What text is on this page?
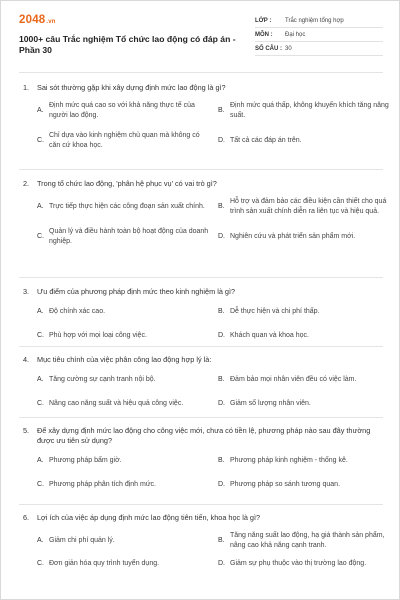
2048.vn
1000+ câu Trắc nghiệm Tổ chức lao động có đáp án - Phần 30
LỚP :	Trắc nghiệm tổng hợp
MÔN :	Đại học
SỐ CÂU : 30
1.	Sai sót thường gặp khi xây dựng định mức lao động là gì?
A.
Định mức quá cao so với khả năng thực tế của người lao động.
B.
Định mức quá thấp, không khuyến khích tăng năng suất.
C.
Chỉ dựa vào kinh nghiệm chủ quan mà không có căn cứ khoa học.
D. Tất cả các đáp án trên.
2.	Trong tổ chức lao động, 'phân hệ phục vụ' có vai trò gì?
A. Trực tiếp thực hiện các công đoạn sản xuất chính.	B.
Hỗ trợ và đảm bảo các điều kiện cần thiết cho quá trình sản xuất chính diễn ra liên tục và hiệu quả.
C.
Quản lý và điều hành toàn bộ hoạt động của doanh nghiệp.
D. Nghiên cứu và phát triển sản phẩm mới.
3.	Ưu điểm của phương pháp định mức theo kinh nghiệm là gì?
A. Độ chính xác cao.	B. Dễ thực hiện và chi phí thấp.
C. Phù hợp với mọi loại công việc.	D. Khách quan và khoa học.
4.	Mục tiêu chính của việc phân công lao động hợp lý là:
A. Tăng cường sự cạnh tranh nội bộ.	B. Đảm bảo mọi nhân viên đều có việc làm.
C. Nâng cao năng suất và hiệu quả công việc.	D. Giảm số lượng nhân viên.
5.	Để xây dựng định mức lao động cho công việc mới, chưa có tiền lệ, phương pháp nào sau đây thường được ưu tiên sử dụng?
A. Phương pháp bấm giờ.	B. Phương pháp kinh nghiệm - thống kê.
C. Phương pháp phân tích định mức.	D. Phương pháp so sánh tương quan.
6.	Lợi ích của việc áp dụng định mức lao động tiên tiến, khoa học là gì?
A. Giảm chi phí quản lý.	B.
Tăng năng suất lao động, hạ giá thành sản phẩm, nâng cao khả năng cạnh tranh.
C. Đơn giản hóa quy trình tuyển dụng.	D. Giảm sự phụ thuộc vào thị trường lao động.
